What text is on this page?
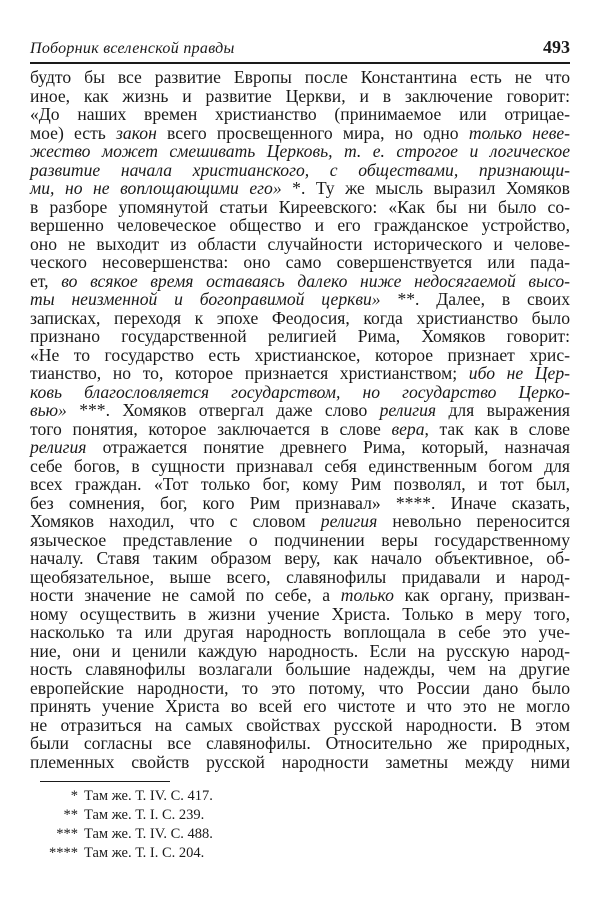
Поборник вселенской правды	493
будто бы все развитие Европы после Константина есть не что
иное, как жизнь и развитие Церкви, и в заключение говорит:
«До наших времен христианство (принимаемое или отрицае-
мое) есть закон всего просвещенного мира, но одно только неве-
жество может смешивать Церковь, т. е. строгое и логическое
развитие начала христианского, с обществами, признающи-
ми, но не воплощающими его» *. Ту же мысль выразил Хомяков
в разборе упомянутой статьи Киреевского: «Как бы ни было со-
вершенно человеческое общество и его гражданское устройство,
оно не выходит из области случайности исторического и челове-
ческого несовершенства: оно само совершенствуется или пада-
ет, во всякое время оставаясь далеко ниже недосягаемой высо-
ты неизменной и богоправимой церкви» **. Далее, в своих
записках, переходя к эпохе Феодосия, когда христианство было
признано государственной религией Рима, Хомяков говорит:
«Не то государство есть христианское, которое признает хрис-
тианство, но то, которое признается христианством; ибо не Цер-
ковь благословляется государством, но государство Церко-
вью» ***. Хомяков отвергал даже слово религия для выражения
того понятия, которое заключается в слове вера, так как в слове
религия отражается понятие древнего Рима, который, назначая
себе богов, в сущности признавал себя единственным богом для
всех граждан. «Тот только бог, кому Рим позволял, и тот был,
без сомнения, бог, кого Рим признавал» ****. Иначе сказать,
Хомяков находил, что с словом религия невольно переносится
языческое представление о подчинении веры государственному
началу. Ставя таким образом веру, как начало объективное, об-
щеобязательное, выше всего, славянофилы придавали и народ-
ности значение не самой по себе, а только как органу, призван-
ному осуществить в жизни учение Христа. Только в меру того,
насколько та или другая народность воплощала в себе это уче-
ние, они и ценили каждую народность. Если на русскую народ-
ность славянофилы возлагали большие надежды, чем на другие
европейские народности, то это потому, что России дано было
принять учение Христа во всей его чистоте и что это не могло
не отразиться на самых свойствах русской народности. В этом
были согласны все славянофилы. Относительно же природных,
племенных свойств русской народности заметны между ними
* Там же. Т. IV. С. 417.
** Там же. Т. I. С. 239.
*** Там же. Т. IV. С. 488.
**** Там же. Т. I. С. 204.
